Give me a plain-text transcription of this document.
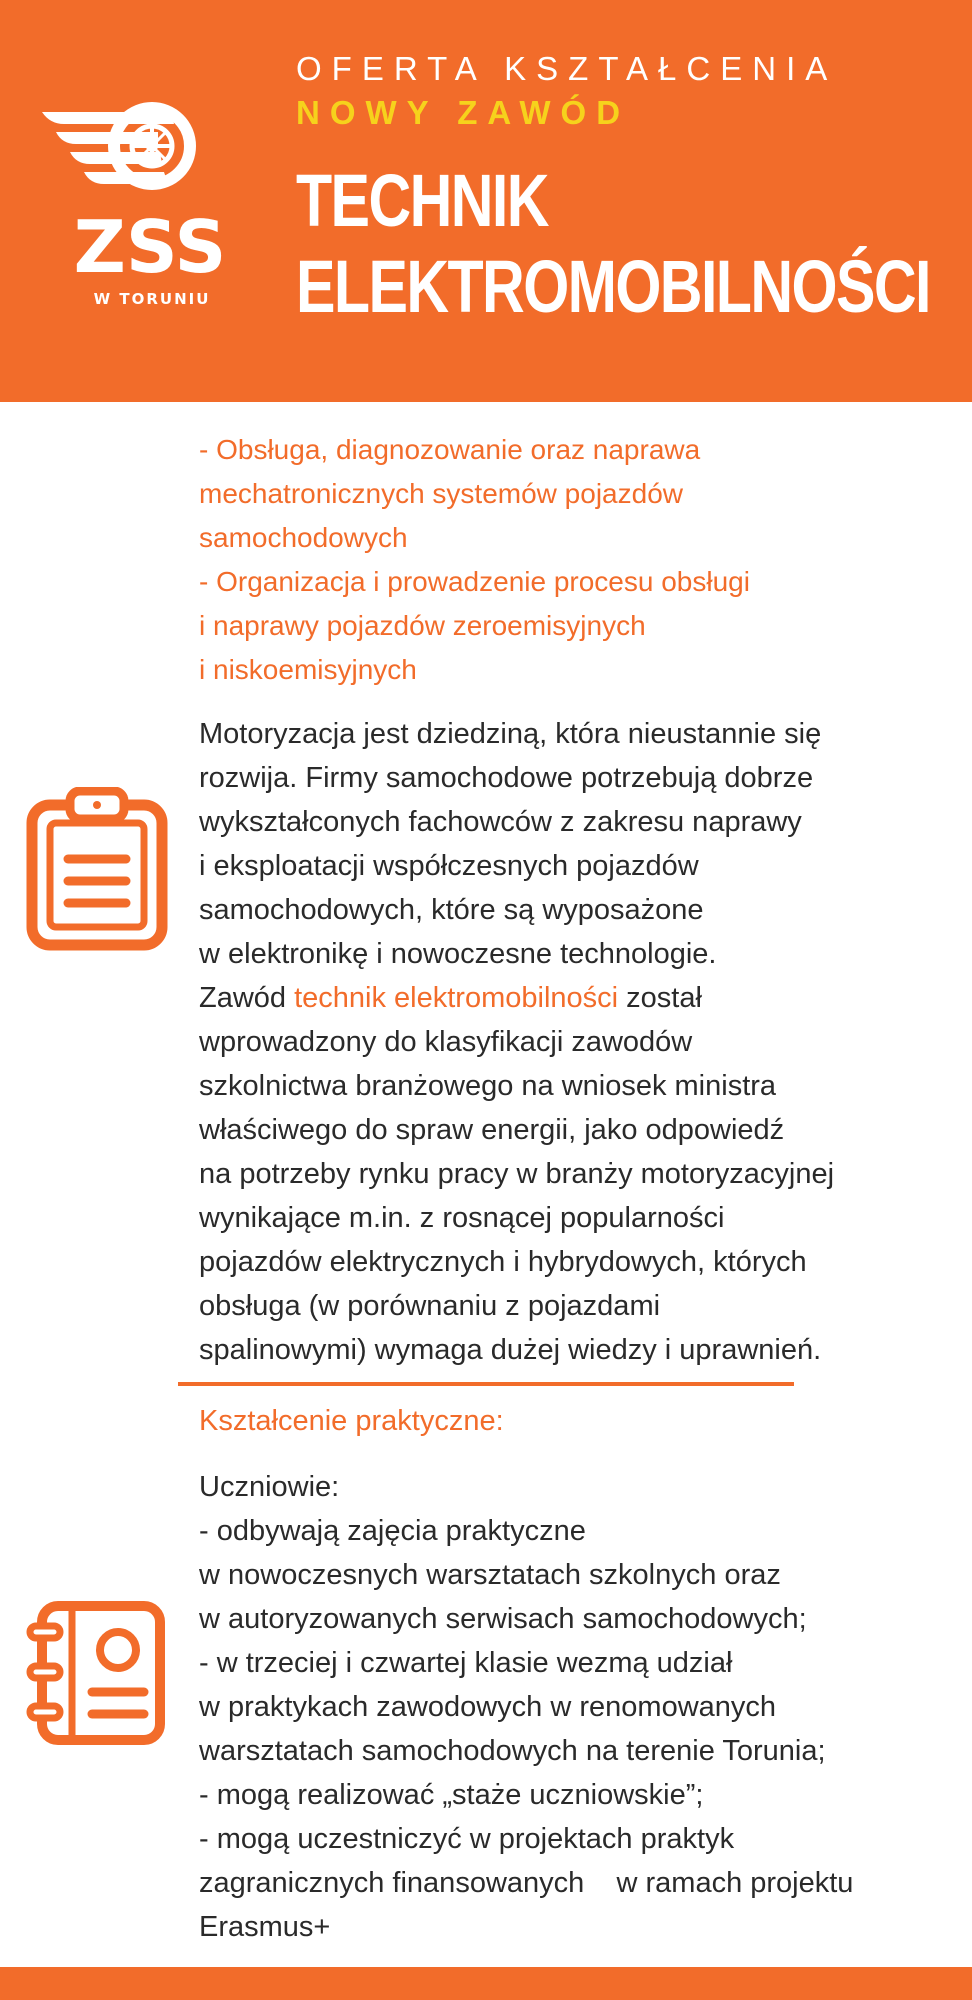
ZSS
W TORUNIU
OFERTA KSZTAŁCENIA
NOWY ZAWÓD
TECHNIK
ELEKTROMOBILNOŚCI
- Obsługa, diagnozowanie oraz naprawa
mechatronicznych systemów pojazdów
samochodowych
- Organizacja i prowadzenie procesu obsługi
i naprawy pojazdów zeroemisyjnych
i niskoemisyjnych
Motoryzacja jest dziedziną, która nieustannie się
rozwija. Firmy samochodowe potrzebują dobrze
wykształconych fachowców z zakresu naprawy
i eksploatacji współczesnych pojazdów
samochodowych, które są wyposażone
w elektronikę i nowoczesne technologie.
Zawód technik elektromobilności został
wprowadzony do klasyfikacji zawodów
szkolnictwa branżowego na wniosek ministra
właściwego do spraw energii, jako odpowiedź
na potrzeby rynku pracy w branży motoryzacyjnej
wynikające m.in. z rosnącej popularności
pojazdów elektrycznych i hybrydowych, których
obsługa (w porównaniu z pojazdami
spalinowymi) wymaga dużej wiedzy i uprawnień.
Kształcenie praktyczne:
Uczniowie:
- odbywają zajęcia praktyczne
w nowoczesnych warsztatach szkolnych oraz
w autoryzowanych serwisach samochodowych;
- w trzeciej i czwartej klasie wezmą udział
w praktykach zawodowych w renomowanych
warsztatach samochodowych na terenie Torunia;
- mogą realizować „staże uczniowskie”;
- mogą uczestniczyć w projektach praktyk
zagranicznych finansowanych    w ramach projektu
Erasmus+
